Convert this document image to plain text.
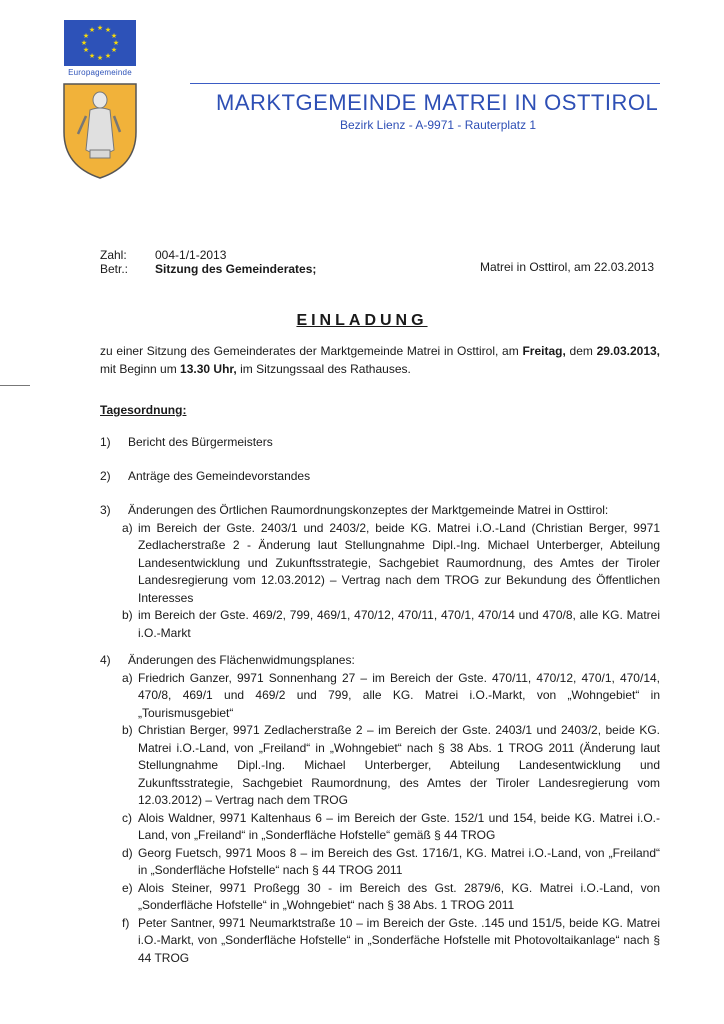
★ ★
★
★
★
★
★
★
★
★
★
★
Europagemeinde
MARKTGEMEINDE MATREI IN OSTTIROL
Bezirk Lienz - A-9971 - Rauterplatz 1
Zahl: 004-1/1-2013
Betr.: Sitzung des Gemeinderates;	Matrei in Osttirol, am 22.03.2013
EINLADUNG
zu einer Sitzung des Gemeinderates der Marktgemeinde Matrei in Osttirol, am Freitag, dem 29.03.2013, mit Beginn um 13.30 Uhr, im Sitzungssaal des Rathauses.
Tagesordnung:
1)	Bericht des Bürgermeisters
2)	Anträge des Gemeindevorstandes
3)	Änderungen des Örtlichen Raumordnungskonzeptes der Marktgemeinde Matrei in Osttirol:
a) im Bereich der Gste. 2403/1 und 2403/2, beide KG. Matrei i.O.-Land (Christian Berger, 9971 Zedlacherstraße 2 - Änderung laut Stellungnahme Dipl.-Ing. Michael Unterberger, Abteilung Landesentwicklung und Zukunftsstrategie, Sachgebiet Raumordnung, des Amtes der Tiroler Landesregierung vom 12.03.2012) – Vertrag nach dem TROG zur Bekundung des Öffentlichen Interesses
b) im Bereich der Gste. 469/2, 799, 469/1, 470/12, 470/11, 470/1, 470/14 und 470/8, alle KG. Matrei i.O.-Markt
4)	Änderungen des Flächenwidmungsplanes:
a) Friedrich Ganzer, 9971 Sonnenhang 27 – im Bereich der Gste. 470/11, 470/12, 470/1, 470/14, 470/8, 469/1 und 469/2 und 799, alle KG. Matrei i.O.-Markt, von „Wohngebiet“ in „Tourismusgebiet“
b) Christian Berger, 9971 Zedlacherstraße 2 – im Bereich der Gste. 2403/1 und 2403/2, beide KG. Matrei i.O.-Land, von „Freiland“ in „Wohngebiet“ nach § 38 Abs. 1 TROG 2011 (Änderung laut Stellungnahme Dipl.-Ing. Michael Unterberger, Abteilung Landesentwicklung und Zukunftsstrategie, Sachgebiet Raumordnung, des Amtes der Tiroler Landesregierung vom 12.03.2012) – Vertrag nach dem TROG
c) Alois Waldner, 9971 Kaltenhaus 6 – im Bereich der Gste. 152/1 und 154, beide KG. Matrei i.O.-Land, von „Freiland“ in „Sonderfläche Hofstelle“ gemäß § 44 TROG
d) Georg Fuetsch, 9971 Moos 8 – im Bereich des Gst. 1716/1, KG. Matrei i.O.-Land, von „Freiland“ in „Sonderfläche Hofstelle“ nach § 44 TROG 2011
e) Alois Steiner, 9971 Proßegg 30 - im Bereich des Gst. 2879/6, KG. Matrei i.O.-Land, von „Sonderfläche Hofstelle“ in „Wohngebiet“ nach § 38 Abs. 1 TROG 2011
f) Peter Santner, 9971 Neumarktstraße 10 – im Bereich der Gste. .145 und 151/5, beide KG. Matrei i.O.-Markt, von „Sonderfläche Hofstelle“ in „Sonderfäche Hofstelle mit Photovoltaikanlage“ nach § 44 TROG
